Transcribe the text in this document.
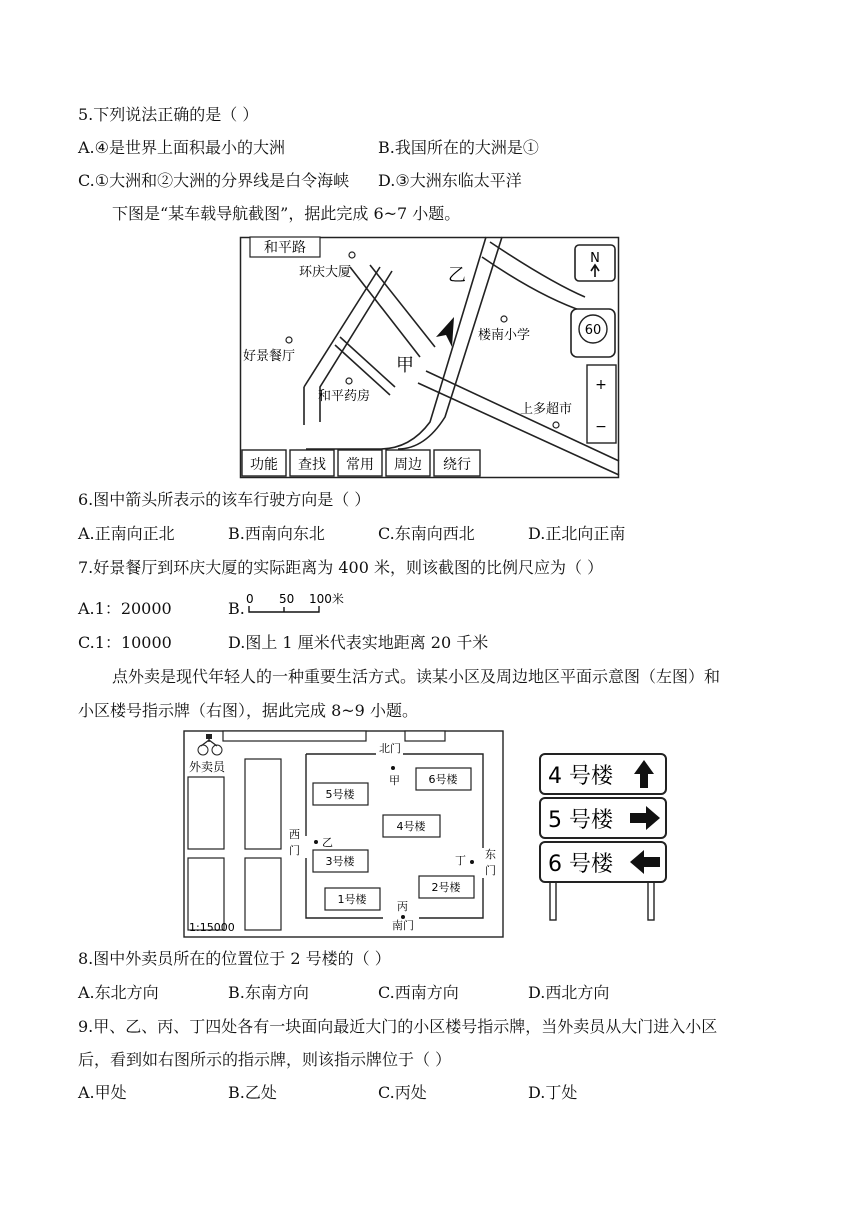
5.下列说法正确的是（ ）
A.④是世界上面积最小的大洲	B.我国所在的大洲是①
C.①大洲和②大洲的分界线是白令海峡 D.③大洲东临太平洋
下图是“某车载导航截图”，据此完成 6~7 小题。
和平路
环庆大厦
好景餐厅
和平药房
楼南小学
上多超市
乙
甲
N
60
+
−
功能 查找 常用 周边 绕行
6.图中箭头所表示的该车行驶方向是（ ）
A.正南向正北	B.西南向东北	C.东南向西北	D.正北向正南
7.好景餐厅到环庆大厦的实际距离为 400 米，则该截图的比例尺应为（ ）
A.1：20000	B. 0 50 100米
C.1：10000	D.图上 1 厘米代表实地距离 20 千米
点外卖是现代年轻人的一种重要生活方式。读某小区及周边地区平面示意图（左图）和
小区楼号指示牌（右图），据此完成 8~9 小题。
外卖员
北门
南门
西
门	东
门
甲
乙
丙
丁
5号楼
6号楼
4号楼
3号楼
1号楼
2号楼
1:15000
4 号楼
5 号楼
6 号楼
8.图中外卖员所在的位置位于 2 号楼的（ ）
A.东北方向	B.东南方向	C.西南方向	D.西北方向
9.甲、乙、丙、丁四处各有一块面向最近大门的小区楼号指示牌，当外卖员从大门进入小区
后，看到如右图所示的指示牌，则该指示牌位于（ ）
A.甲处	B.乙处	C.丙处	D.丁处
